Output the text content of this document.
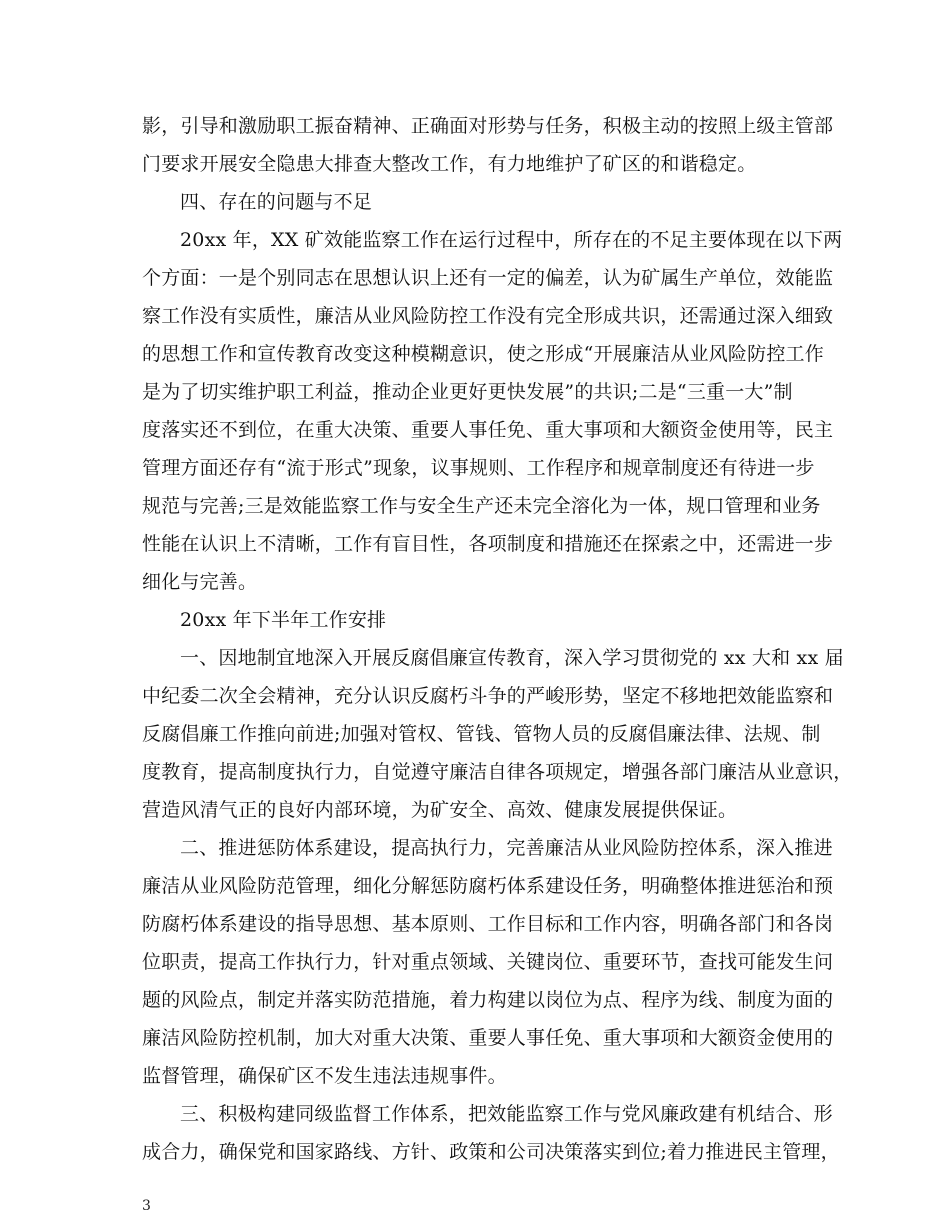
影，引导和激励职工振奋精神、正确面对形势与任务，积极主动的按照上级主管部
门要求开展安全隐患大排查大整改工作，有力地维护了矿区的和谐稳定。
四、存在的问题与不足
20xx 年，XX 矿效能监察工作在运行过程中，所存在的不足主要体现在以下两
个方面：一是个别同志在思想认识上还有一定的偏差，认为矿属生产单位，效能监
察工作没有实质性，廉洁从业风险防控工作没有完全形成共识，还需通过深入细致
的思想工作和宣传教育改变这种模糊意识，使之形成“开展廉洁从业风险防控工作
是为了切实维护职工利益，推动企业更好更快发展”的共识;二是“三重一大”制
度落实还不到位，在重大决策、重要人事任免、重大事项和大额资金使用等，民主
管理方面还存有“流于形式”现象，议事规则、工作程序和规章制度还有待进一步
规范与完善;三是效能监察工作与安全生产还未完全溶化为一体，规口管理和业务
性能在认识上不清晰，工作有盲目性，各项制度和措施还在探索之中，还需进一步
细化与完善。
20xx 年下半年工作安排
一、因地制宜地深入开展反腐倡廉宣传教育，深入学习贯彻党的 xx 大和 xx 届
中纪委二次全会精神，充分认识反腐朽斗争的严峻形势，坚定不移地把效能监察和
反腐倡廉工作推向前进;加强对管权、管钱、管物人员的反腐倡廉法律、法规、制
度教育，提高制度执行力，自觉遵守廉洁自律各项规定，增强各部门廉洁从业意识，
营造风清气正的良好内部环境，为矿安全、高效、健康发展提供保证。
二、推进惩防体系建设，提高执行力，完善廉洁从业风险防控体系，深入推进
廉洁从业风险防范管理，细化分解惩防腐朽体系建设任务，明确整体推进惩治和预
防腐朽体系建设的指导思想、基本原则、工作目标和工作内容，明确各部门和各岗
位职责，提高工作执行力，针对重点领域、关键岗位、重要环节，查找可能发生问
题的风险点，制定并落实防范措施，着力构建以岗位为点、程序为线、制度为面的
廉洁风险防控机制，加大对重大决策、重要人事任免、重大事项和大额资金使用的
监督管理，确保矿区不发生违法违规事件。
三、积极构建同级监督工作体系，把效能监察工作与党风廉政建有机结合、形
成合力，确保党和国家路线、方针、政策和公司决策落实到位;着力推进民主管理，
3
